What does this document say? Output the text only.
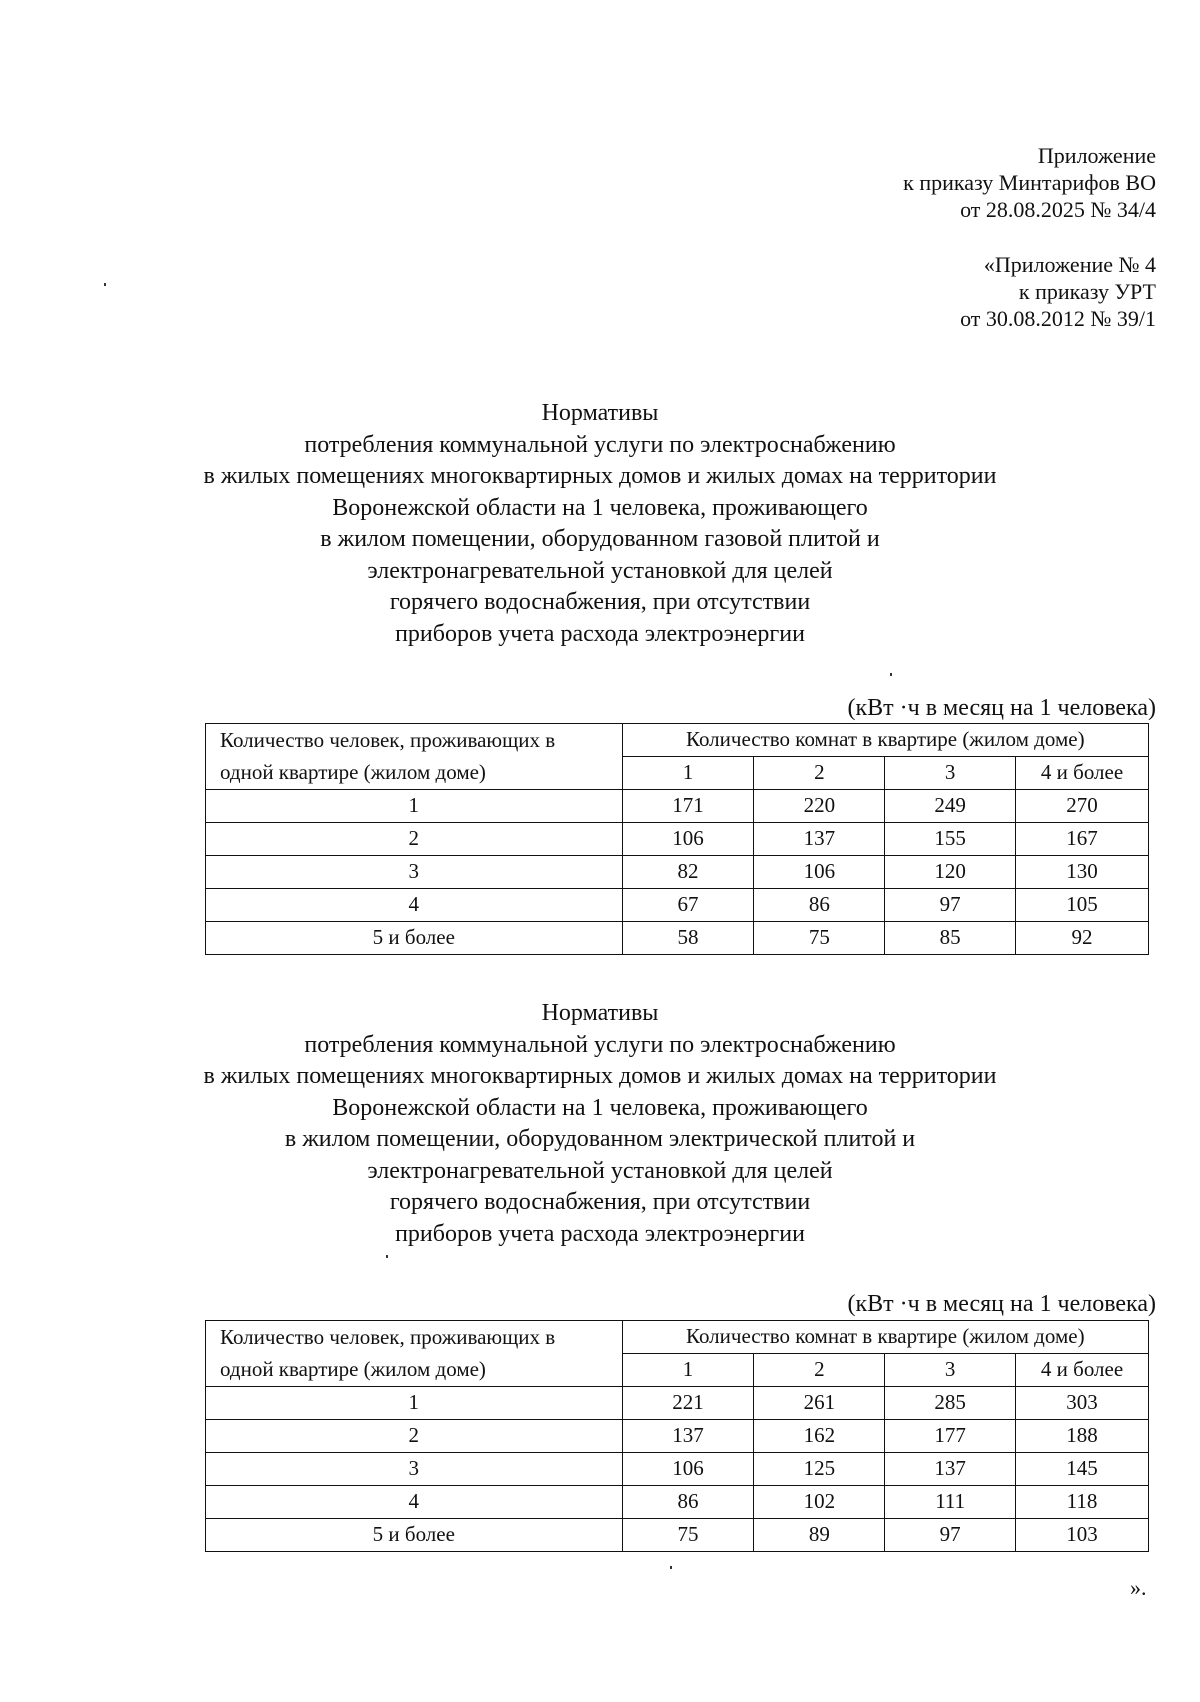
Приложение
к приказу Минтарифов ВО
от 28.08.2025 № 34/4
«Приложение № 4
к приказу УРТ
от 30.08.2012 № 39/1
Нормативы
потребления коммунальной услуги по электроснабжению
в жилых помещениях многоквартирных домов и жилых домах на территории
Воронежской области на 1 человека, проживающего
в жилом помещении, оборудованном газовой плитой и
электронагревательной установкой для целей
горячего водоснабжения, при отсутствии
приборов учета расхода электроэнергии
(кВт ·ч в месяц на 1 человека)
Количество человек, проживающих в	Количество комнат в квартире (жилом доме)			
одной квартире (жилом доме)	1	2	3	4 и более
1	171	220	249	270
2	106	137	155	167
3	82	106	120	130
4	67	86	97	105
5 и более	58	75	85	92
Нормативы
потребления коммунальной услуги по электроснабжению
в жилых помещениях многоквартирных домов и жилых домах на территории
Воронежской области на 1 человека, проживающего
в жилом помещении, оборудованном электрической плитой и
электронагревательной установкой для целей
горячего водоснабжения, при отсутствии
приборов учета расхода электроэнергии
(кВт ·ч в месяц на 1 человека)
Количество человек, проживающих в	Количество комнат в квартире (жилом доме)			
одной квартире (жилом доме)	1	2	3	4 и более
1	221	261	285	303
2	137	162	177	188
3	106	125	137	145
4	86	102	111	118
5 и более	75	89	97	103
».
